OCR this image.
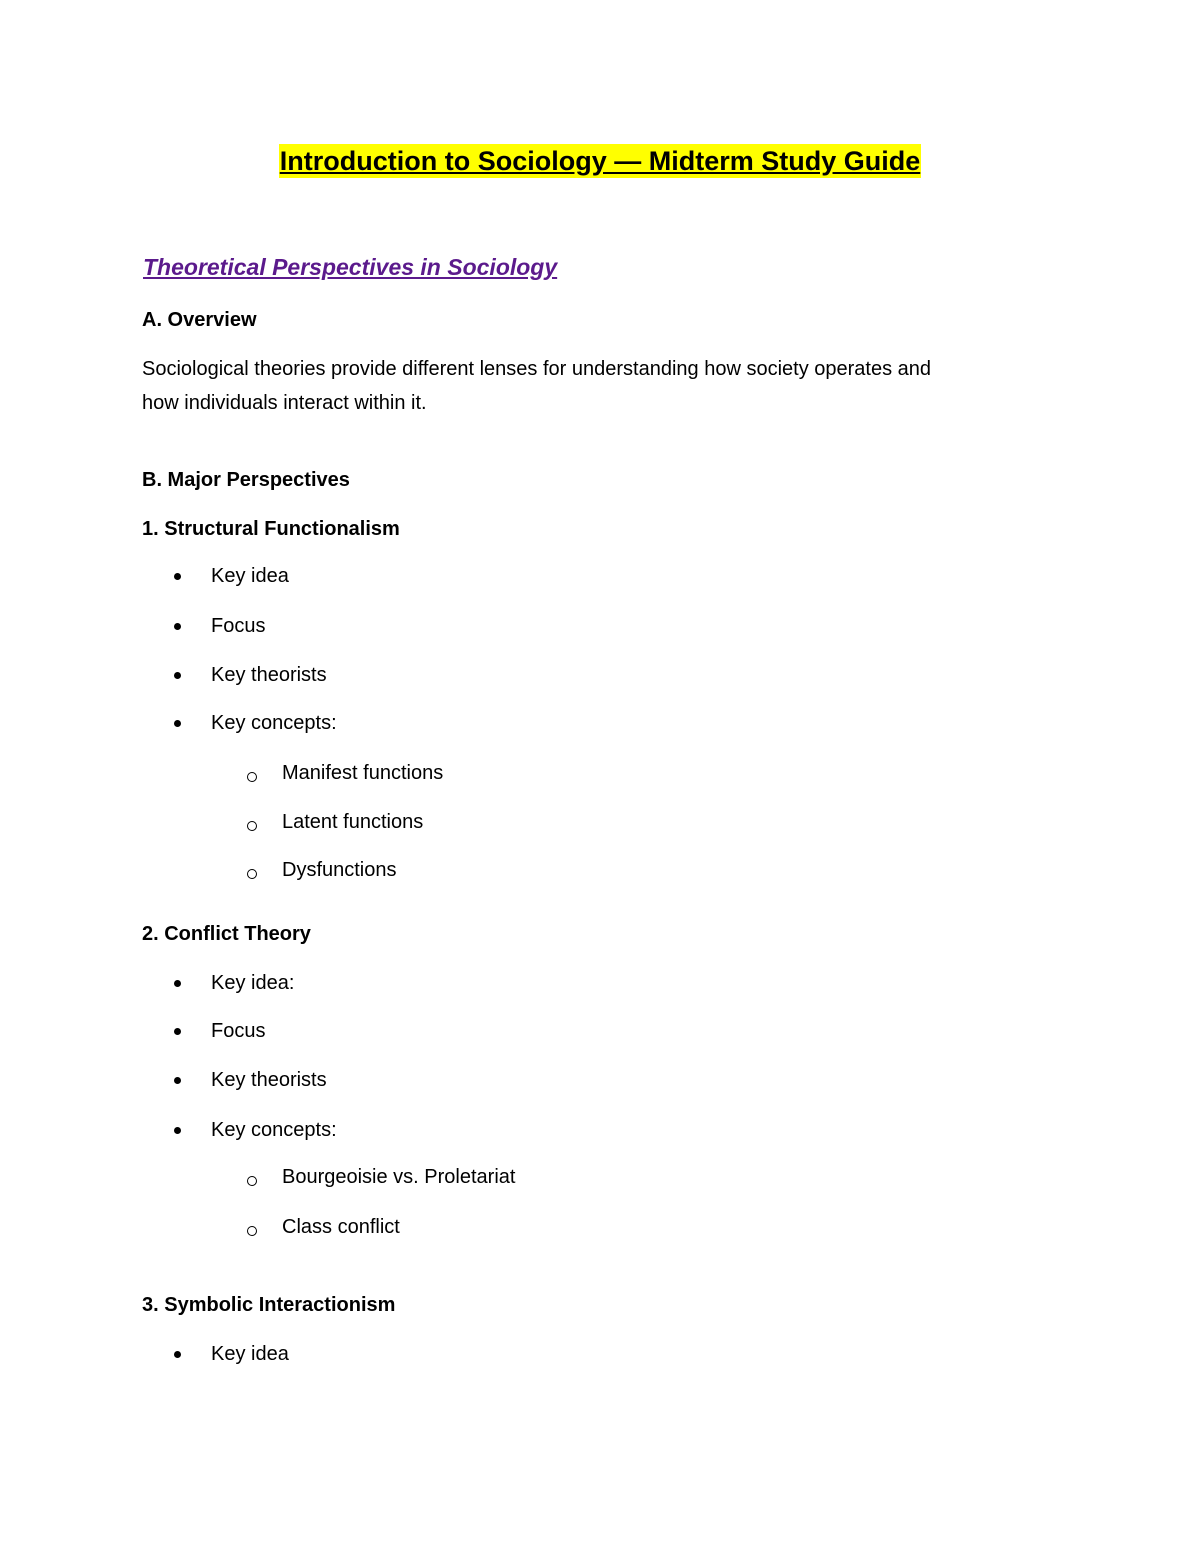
Introduction to Sociology — Midterm Study Guide
Theoretical Perspectives in Sociology
A. Overview
Sociological theories provide different lenses for understanding how society operates and
how individuals interact within it.
B. Major Perspectives
1. Structural Functionalism
Key idea
Focus
Key theorists
Key concepts:
Manifest functions
Latent functions
Dysfunctions
2. Conflict Theory
Key idea:
Focus
Key theorists
Key concepts:
Bourgeoisie vs. Proletariat
Class conflict
3. Symbolic Interactionism
Key idea
